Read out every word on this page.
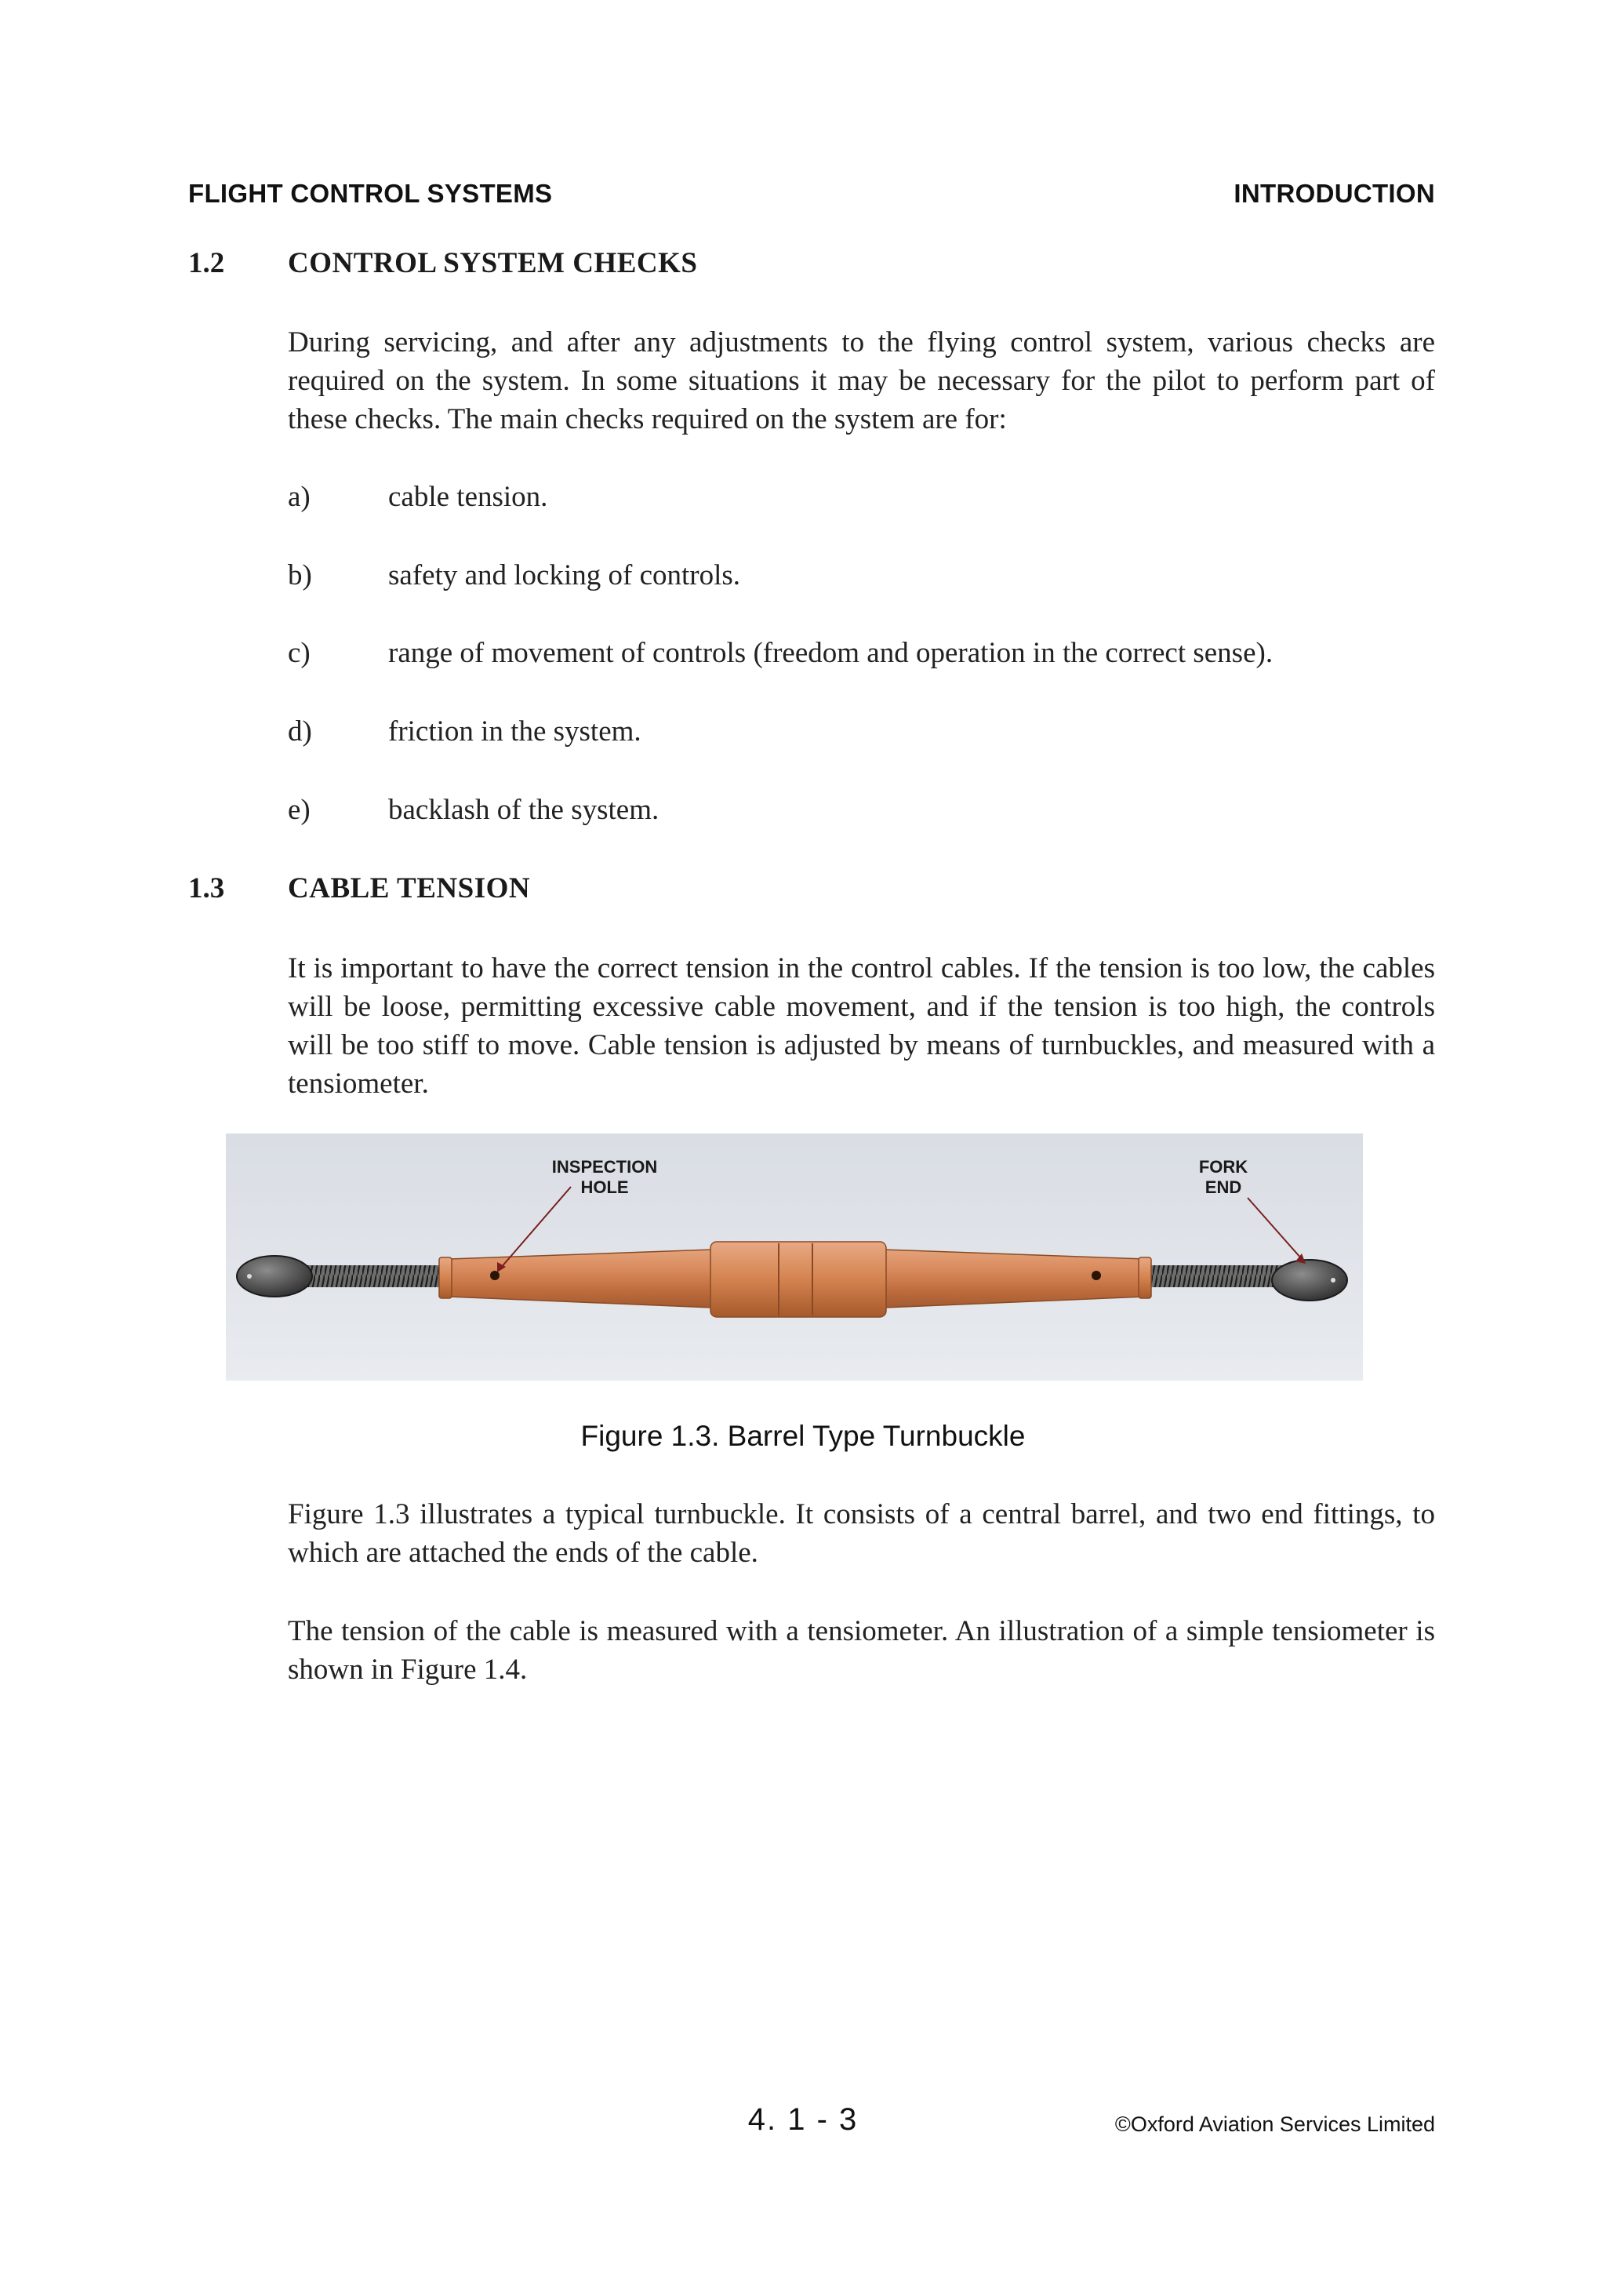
FLIGHT CONTROL SYSTEMS	INTRODUCTION
1.2 CONTROL SYSTEM CHECKS

During servicing, and after any adjustments to the flying control system, various checks are required on the system. In some situations it may be necessary for the pilot to perform part of these checks. The main checks required on the system are for:

a)	cable tension.
b)	safety and locking of controls.
c)	range of movement of controls (freedom and operation in the correct sense).
d)	friction in the system.
e)	backlash of the system.
1.3 CABLE TENSION

It is important to have the correct tension in the control cables. If the tension is too low, the cables will be loose, permitting excessive cable movement, and if the tension is too high, the controls will be too stiff to move. Cable tension is adjusted by means of turnbuckles, and measured with a tensiometer.

INSPECTION
HOLE
FORK
END
Figure 1.3. Barrel Type Turnbuckle

Figure 1.3 illustrates a typical turnbuckle. It consists of a central barrel, and two end fittings, to which are attached the ends of the cable.

The tension of the cable is measured with a tensiometer. An illustration of a simple tensiometer is shown in Figure 1.4.

4. 1 - 3	©Oxford Aviation Services Limited
